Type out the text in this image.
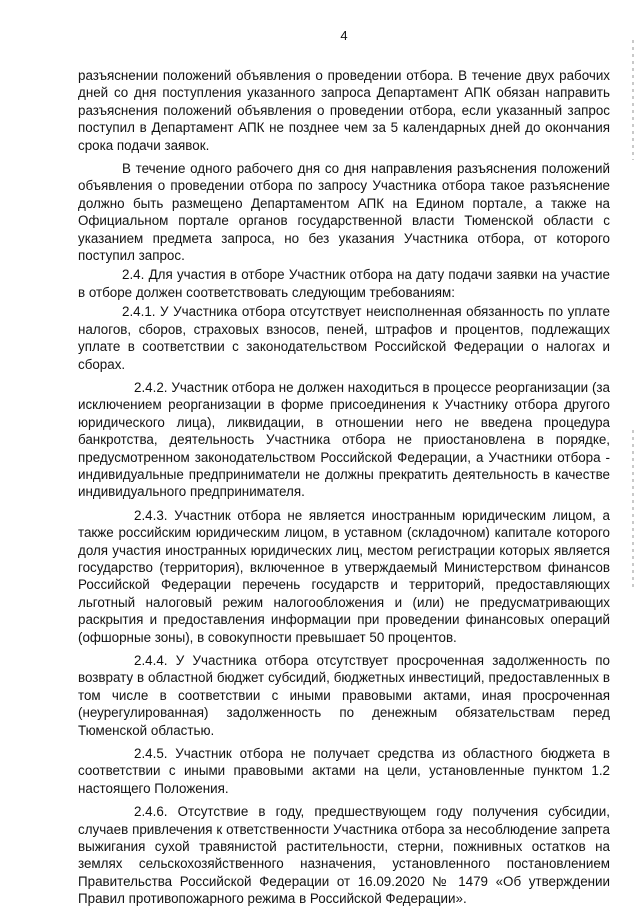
4

разъяснении положений объявления о проведении отбора. В течение двух рабочих дней со дня поступления указанного запроса Департамент АПК обязан направить разъяснения положений объявления о проведении отбора, если указанный запрос поступил в Департамент АПК не позднее чем за 5 календарных дней до окончания срока подачи заявок.

В течение одного рабочего дня со дня направления разъяснения положений объявления о проведении отбора по запросу Участника отбора такое разъяснение должно быть размещено Департаментом АПК на Едином портале, а также на Официальном портале органов государственной власти Тюменской области с указанием предмета запроса, но без указания Участника отбора, от которого поступил запрос.

2.4. Для участия в отборе Участник отбора на дату подачи заявки на участие в отборе должен соответствовать следующим требованиям:

2.4.1. У Участника отбора отсутствует неисполненная обязанность по уплате налогов, сборов, страховых взносов, пеней, штрафов и процентов, подлежащих уплате в соответствии с законодательством Российской Федерации о налогах и сборах.

2.4.2. Участник отбора не должен находиться в процессе реорганизации (за исключением реорганизации в форме присоединения к Участнику отбора другого юридического лица), ликвидации, в отношении него не введена процедура банкротства, деятельность Участника отбора не приостановлена в порядке, предусмотренном законодательством Российской Федерации, а Участники отбора - индивидуальные предприниматели не должны прекратить деятельность в качестве индивидуального предпринимателя.

2.4.3. Участник отбора не является иностранным юридическим лицом, а также российским юридическим лицом, в уставном (складочном) капитале которого доля участия иностранных юридических лиц, местом регистрации которых является государство (территория), включенное в утверждаемый Министерством финансов Российской Федерации перечень государств и территорий, предоставляющих льготный налоговый режим налогообложения и (или) не предусматривающих раскрытия и предоставления информации при проведении финансовых операций (офшорные зоны), в совокупности превышает 50 процентов.

2.4.4. У Участника отбора отсутствует просроченная задолженность по возврату в областной бюджет субсидий, бюджетных инвестиций, предоставленных в том числе в соответствии с иными правовыми актами, иная просроченная (неурегулированная) задолженность по денежным обязательствам перед Тюменской областью.

2.4.5. Участник отбора не получает средства из областного бюджета в соответствии с иными правовыми актами на цели, установленные пунктом 1.2 настоящего Положения.

2.4.6. Отсутствие в году, предшествующем году получения субсидии, случаев привлечения к ответственности Участника отбора за несоблюдение запрета выжигания сухой травянистой растительности, стерни, пожнивных остатков на землях сельскохозяйственного назначения, установленного постановлением Правительства Российской Федерации от 16.09.2020 № 1479 «Об утверждении Правил противопожарного режима в Российской Федерации».
